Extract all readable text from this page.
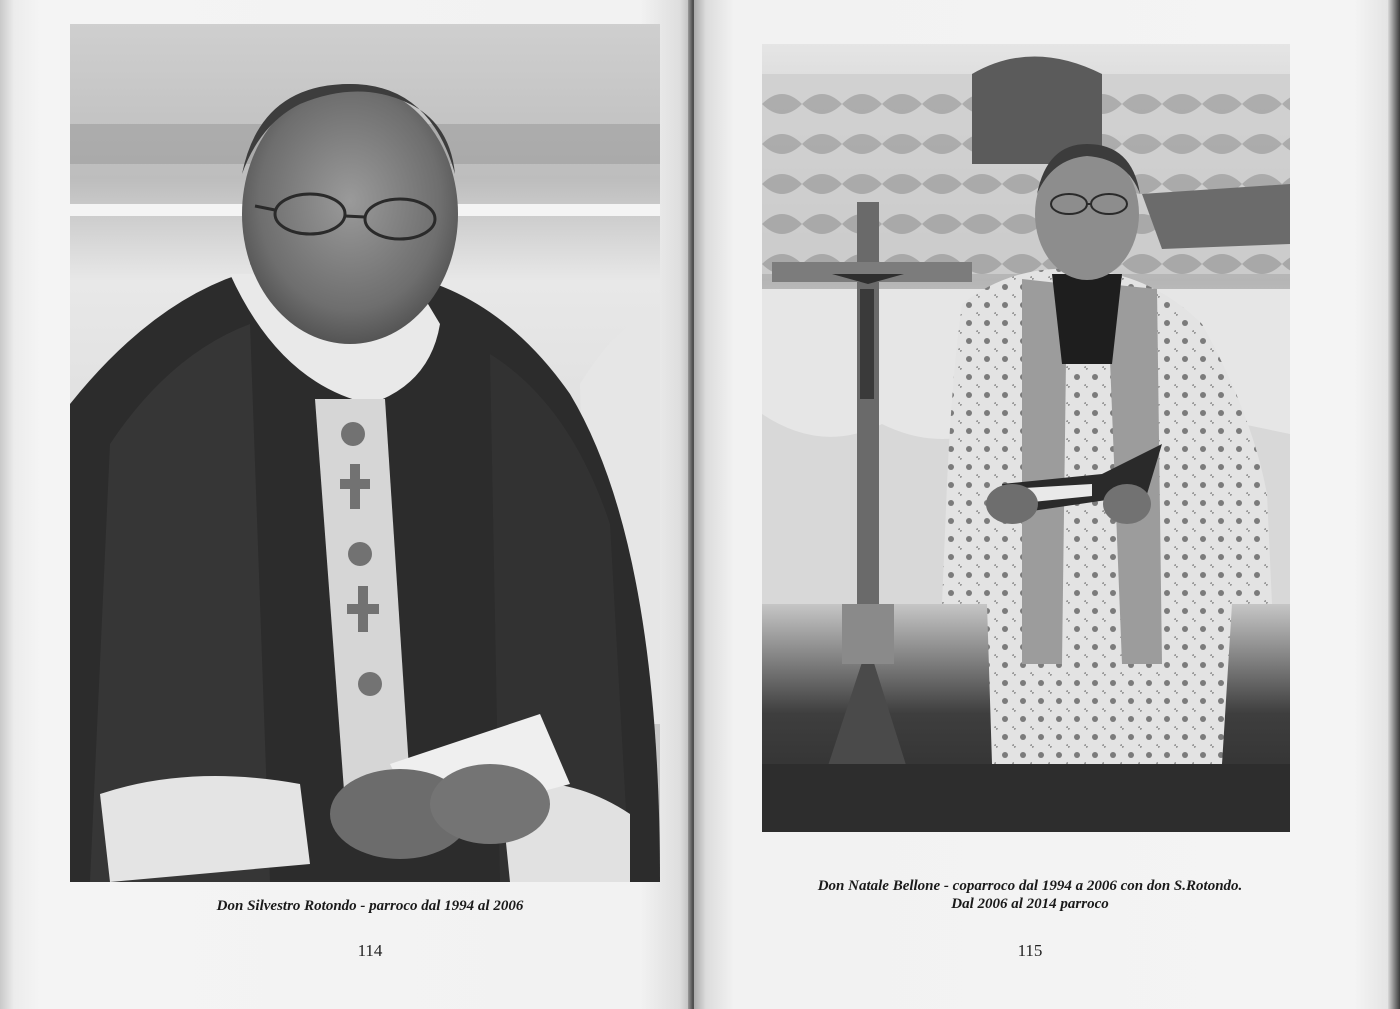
Don Silvestro Rotondo - parroco dal 1994 al 2006
114
Don Natale Bellone - coparroco dal 1994 a 2006 con don S.Rotondo.
Dal 2006 al 2014 parroco
115
